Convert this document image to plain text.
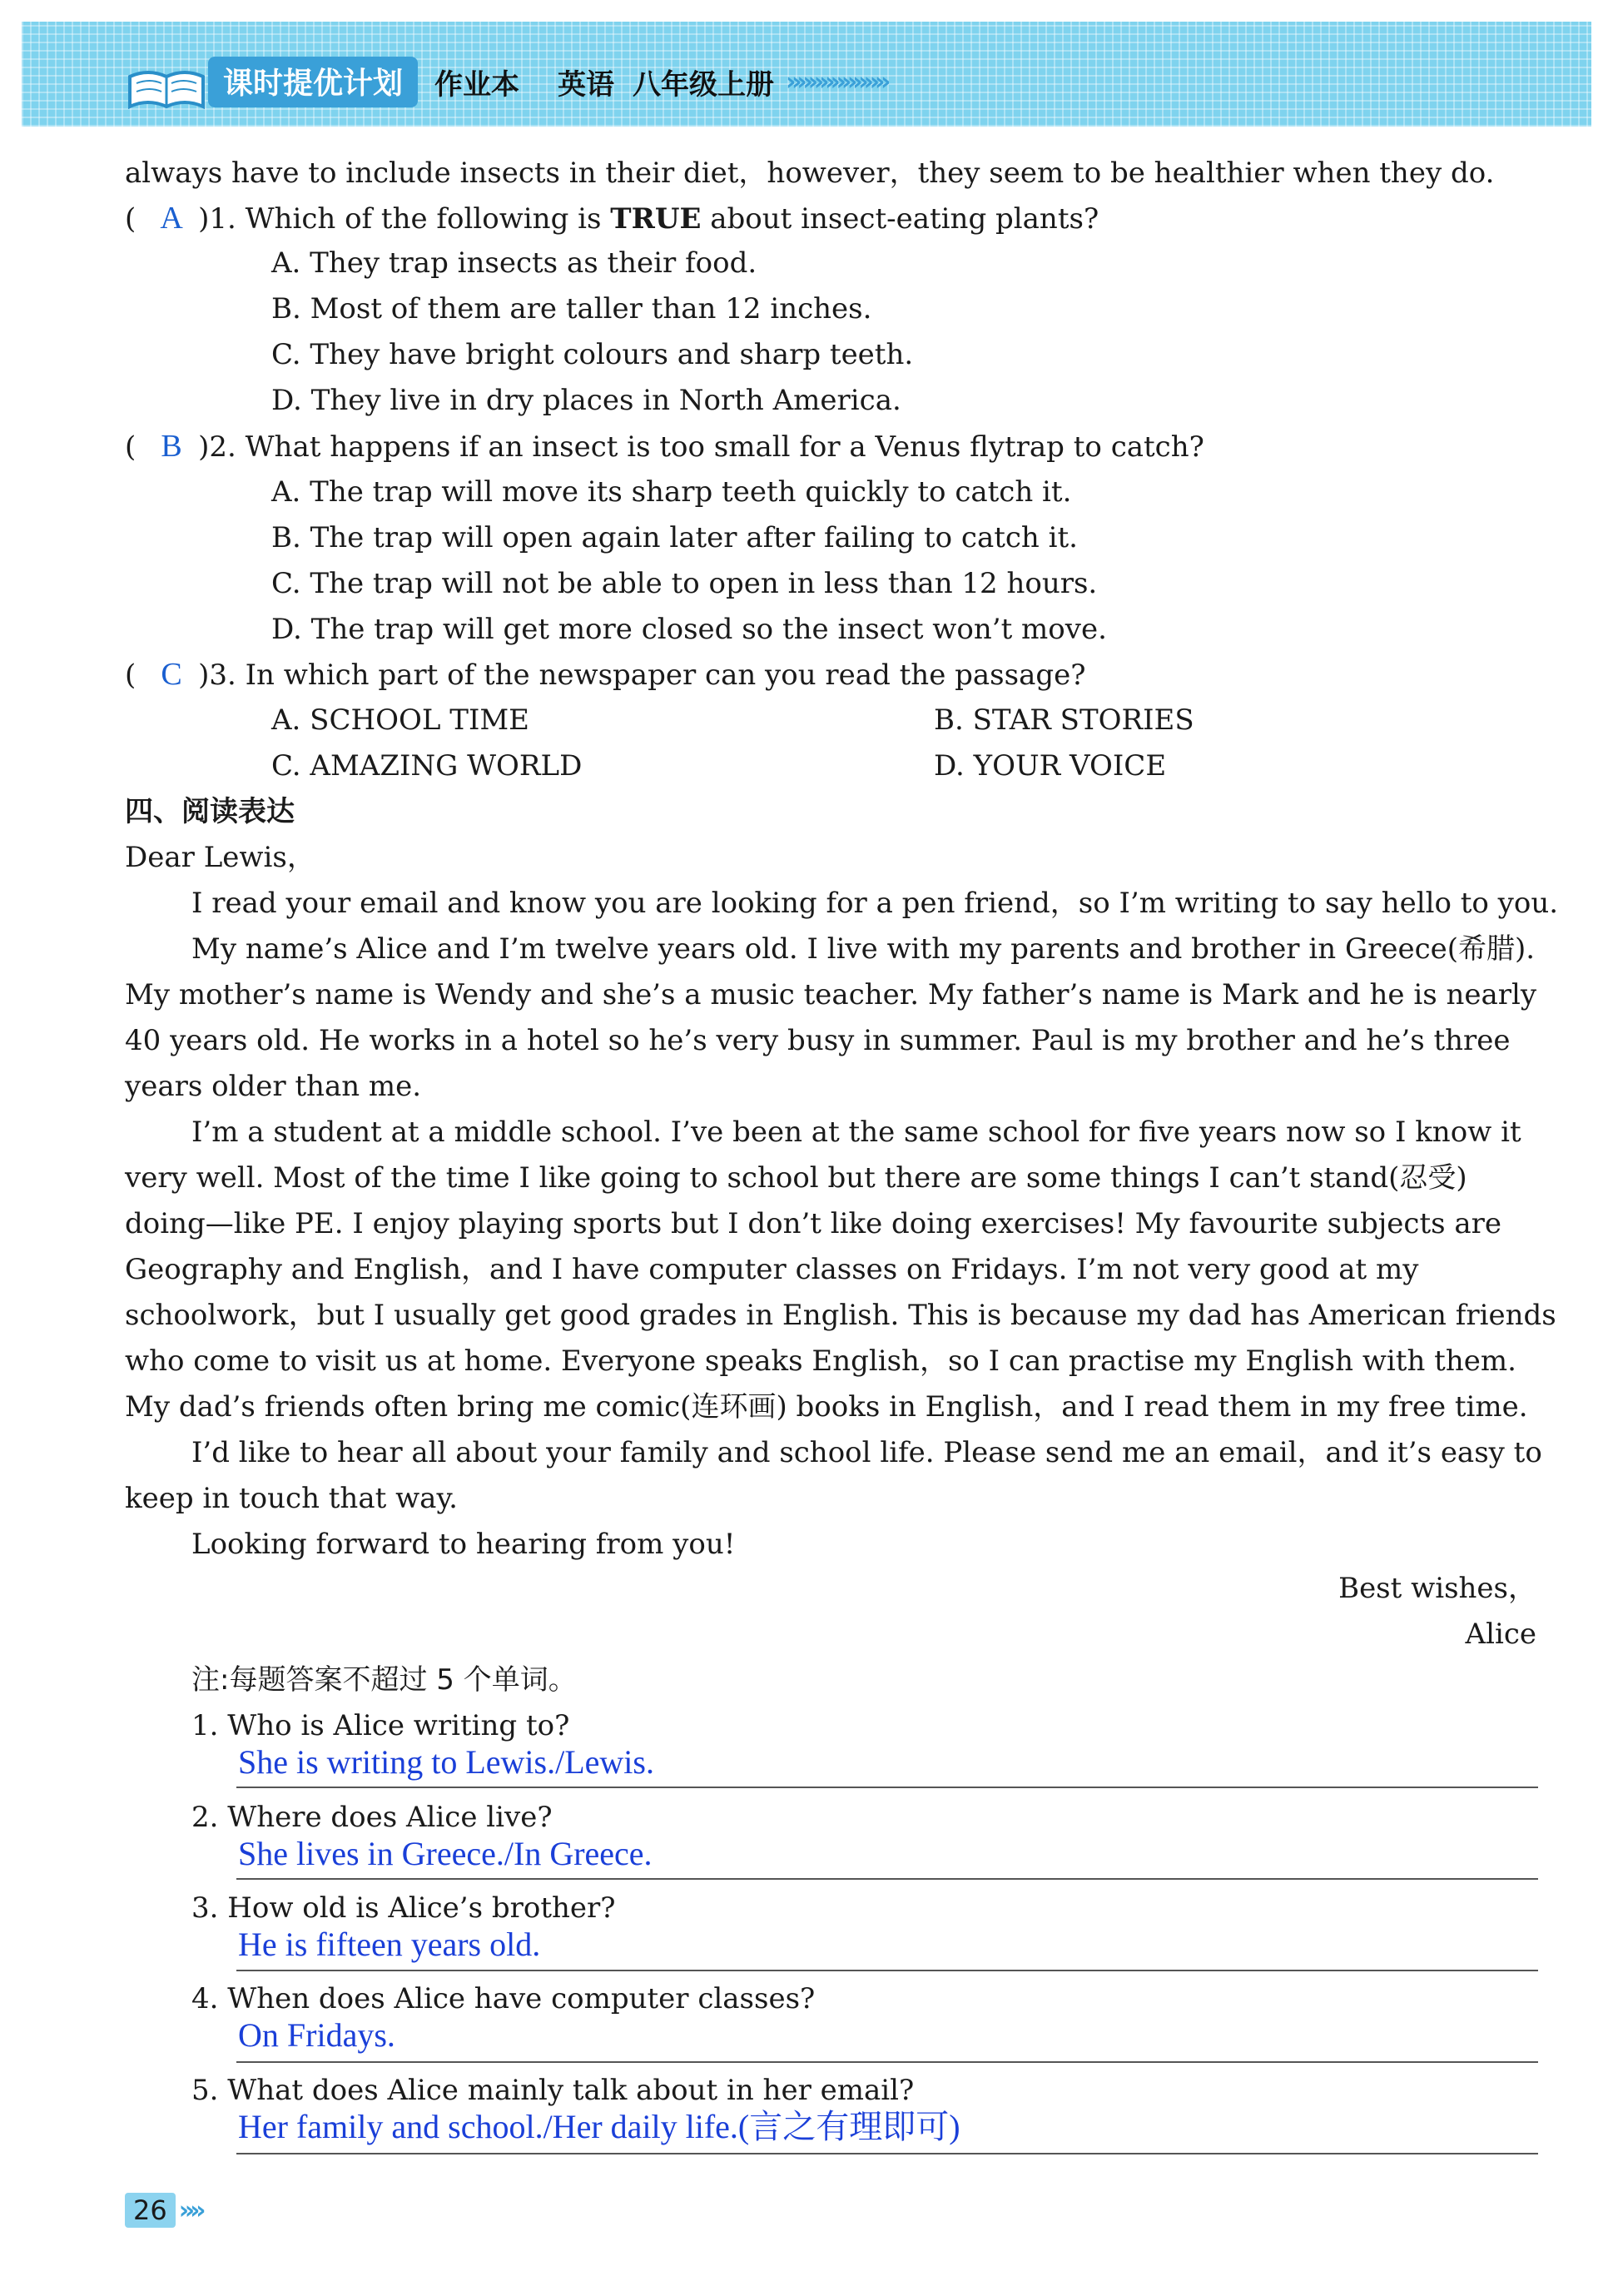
课时提优计划	作业本 英语 八年级上册 »»»»»»»»»
always have to include insects in their diet，however，they seem to be healthier when they do.
( A )1. Which of the following is TRUE about insect-eating plants?
A. They trap insects as their food.
B. Most of them are taller than 12 inches.
C. They have bright colours and sharp teeth.
D. They live in dry places in North America.
( B )2. What happens if an insect is too small for a Venus flytrap to catch?
A. The trap will move its sharp teeth quickly to catch it.
B. The trap will open again later after failing to catch it.
C. The trap will not be able to open in less than 12 hours.
D. The trap will get more closed so the insect won’t move.
( C )3. In which part of the newspaper can you read the passage?
A. SCHOOL TIME	B. STAR STORIES
C. AMAZING WORLD	D. YOUR VOICE
四、阅读表达
Dear Lewis，
I read your email and know you are looking for a pen friend，so I’m writing to say hello to you.
My name’s Alice and I’m twelve years old. I live with my parents and brother in Greece(希腊).
My mother’s name is Wendy and she’s a music teacher. My father’s name is Mark and he is nearly
40 years old. He works in a hotel so he’s very busy in summer. Paul is my brother and he’s three
years older than me.
I’m a student at a middle school. I’ve been at the same school for five years now so I know it
very well. Most of the time I like going to school but there are some things I can’t stand(忍受)
doing—like PE. I enjoy playing sports but I don’t like doing exercises! My favourite subjects are
Geography and English，and I have computer classes on Fridays. I’m not very good at my
schoolwork，but I usually get good grades in English. This is because my dad has American friends
who come to visit us at home. Everyone speaks English，so I can practise my English with them.
My dad’s friends often bring me comic(连环画) books in English，and I read them in my free time.
I’d like to hear all about your family and school life. Please send me an email，and it’s easy to
keep in touch that way.
Looking forward to hearing from you!
Best wishes，
Alice
注:每题答案不超过 5 个单词。
1. Who is Alice writing to?
She is writing to Lewis./Lewis.
2. Where does Alice live?
She lives in Greece./In Greece.
3. How old is Alice’s brother?
He is fifteen years old.
4. When does Alice have computer classes?
On Fridays.
5. What does Alice mainly talk about in her email?
Her family and school./Her daily life.(言之有理即可)
26 »»
